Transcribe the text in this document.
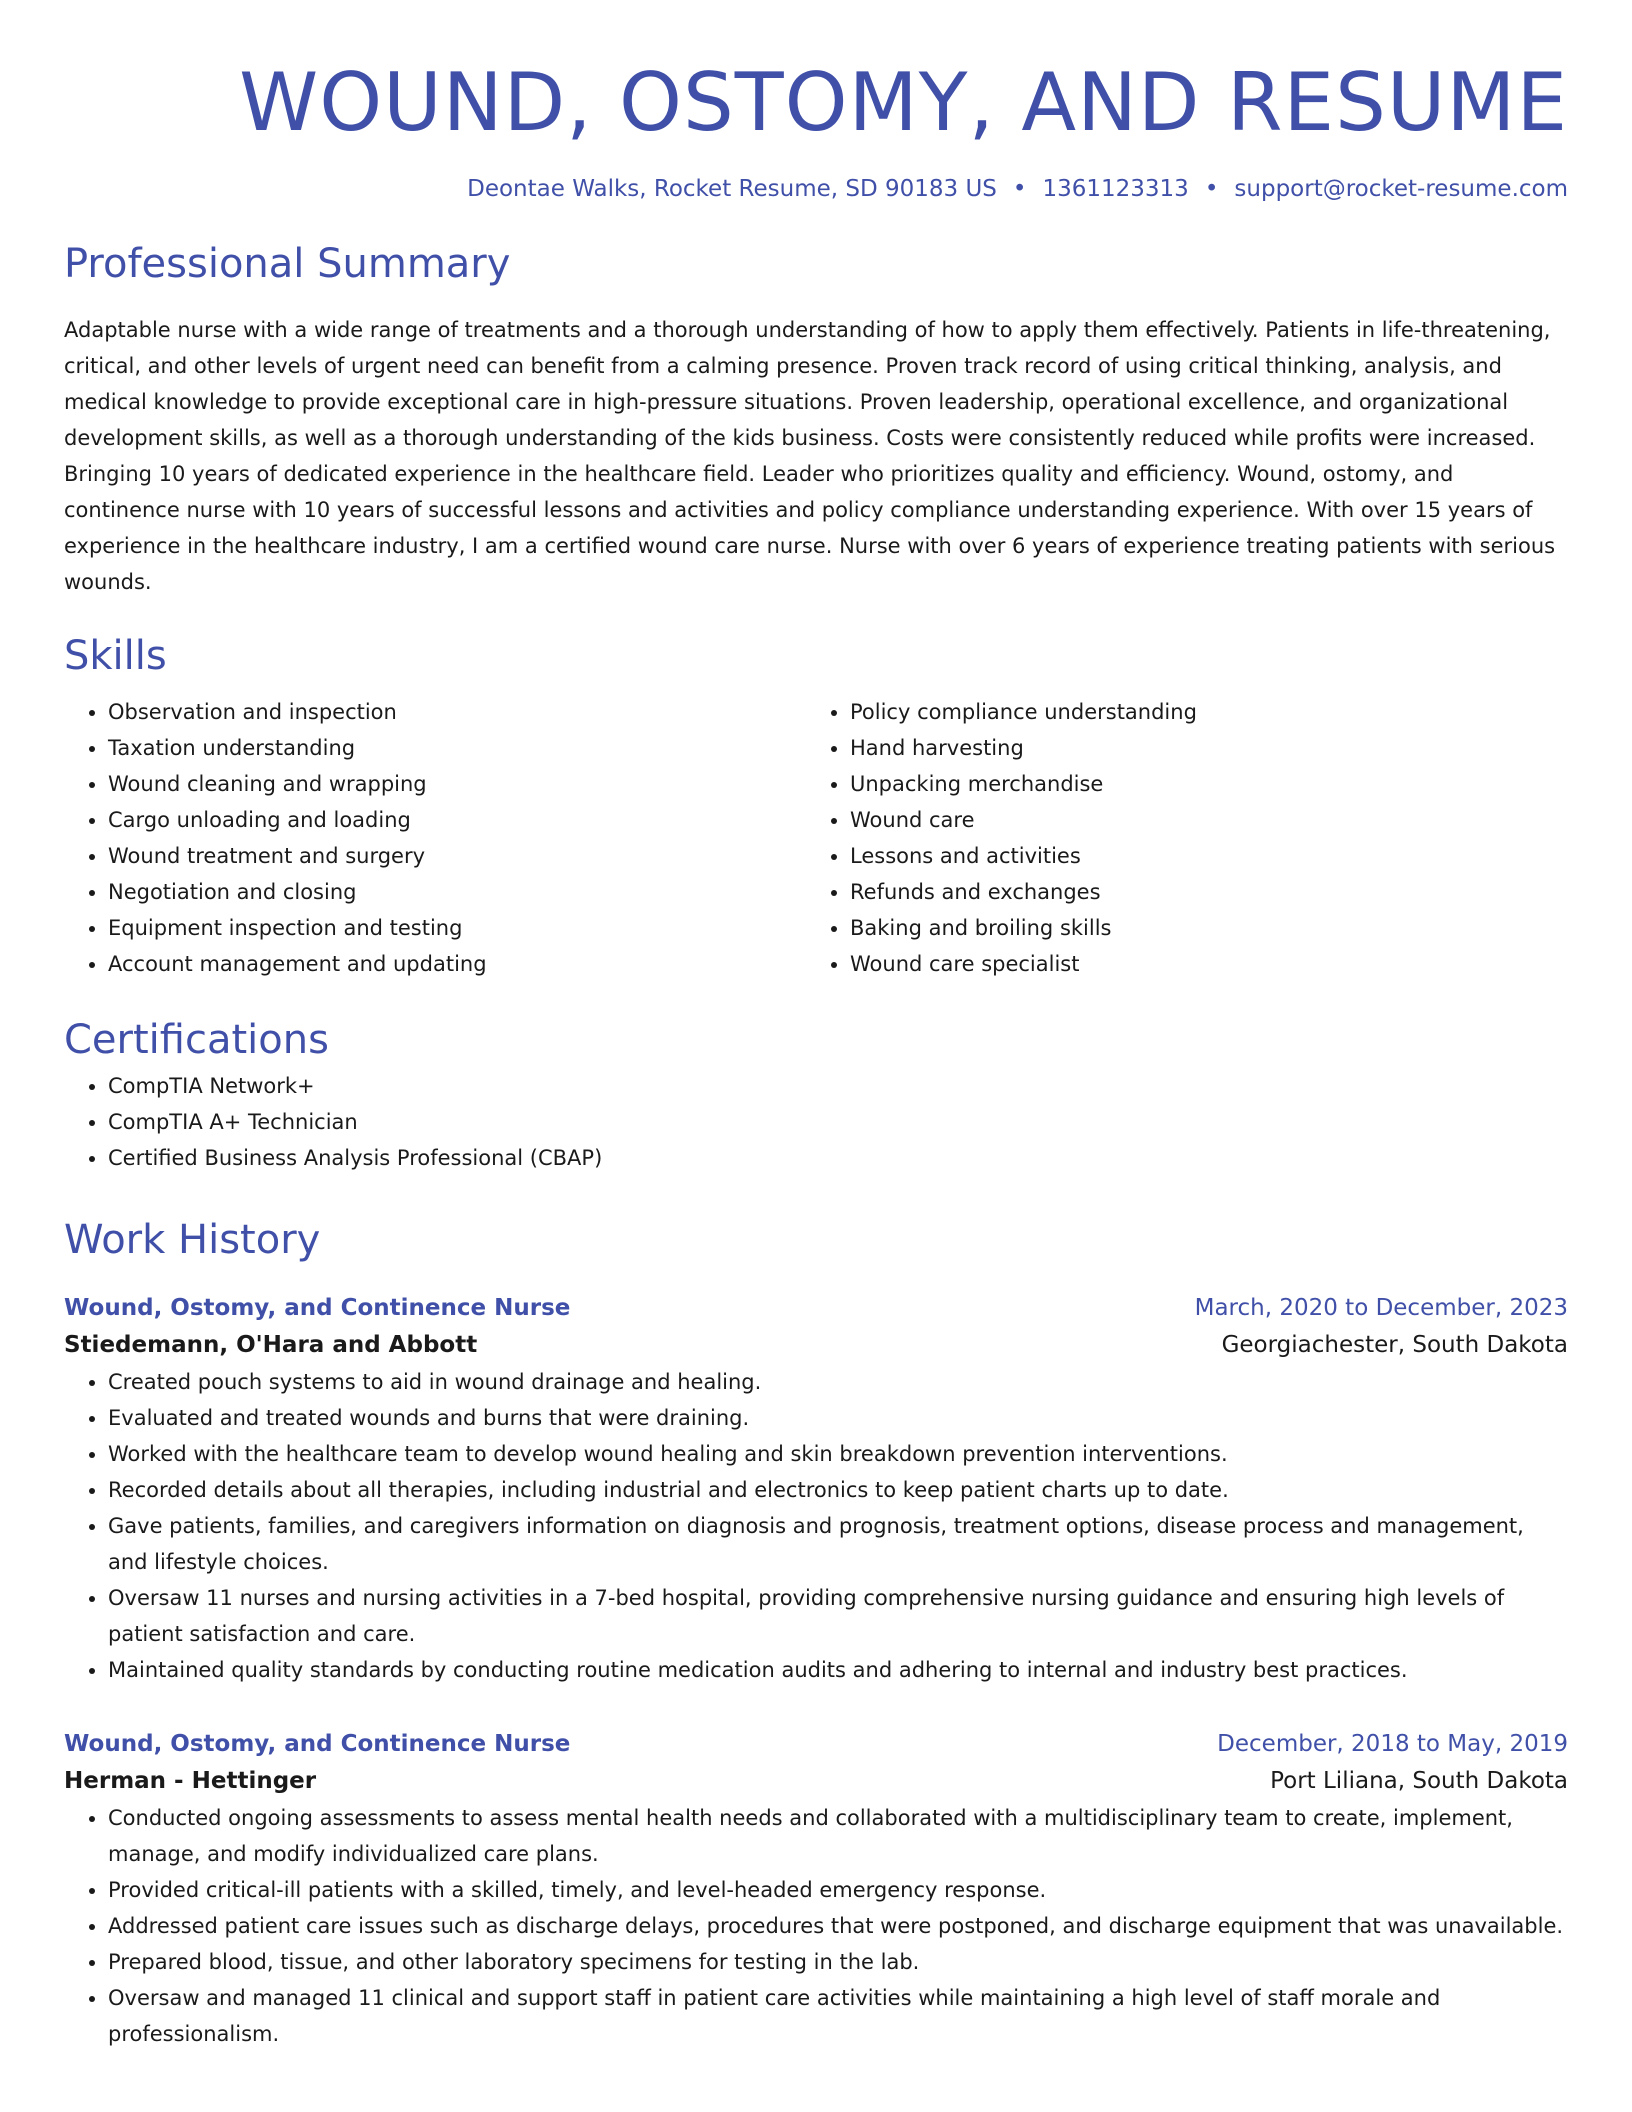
WOUND, OSTOMY, AND RESUME
Deontae Walks, Rocket Resume, SD 90183 US • 1361123313 • support@rocket-resume.com
Professional Summary

Adaptable nurse with a wide range of treatments and a thorough understanding of how to apply them effectively. Patients in life-threatening, critical, and other levels of urgent need can benefit from a calming presence. Proven track record of using critical thinking, analysis, and medical knowledge to provide exceptional care in high-pressure situations. Proven leadership, operational excellence, and organizational development skills, as well as a thorough understanding of the kids business. Costs were consistently reduced while profits were increased. Bringing 10 years of dedicated experience in the healthcare field. Leader who prioritizes quality and efficiency. Wound, ostomy, and continence nurse with 10 years of successful lessons and activities and policy compliance understanding experience. With over 15 years of experience in the healthcare industry, I am a certified wound care nurse. Nurse with over 6 years of experience treating patients with serious wounds.

Skills
• Observation and inspection
• Taxation understanding
• Wound cleaning and wrapping
• Cargo unloading and loading
• Wound treatment and surgery
• Negotiation and closing
• Equipment inspection and testing
• Account management and updating
• Policy compliance understanding
• Hand harvesting
• Unpacking merchandise
• Wound care
• Lessons and activities
• Refunds and exchanges
• Baking and broiling skills
• Wound care specialist
Certifications
• CompTIA Network+
• CompTIA A+ Technician
• Certified Business Analysis Professional (CBAP)
Work History
Wound, Ostomy, and Continence Nurse	March, 2020 to December, 2023
Stiedemann, O'Hara and Abbott	Georgiachester, South Dakota
• Created pouch systems to aid in wound drainage and healing.
• Evaluated and treated wounds and burns that were draining.
• Worked with the healthcare team to develop wound healing and skin breakdown prevention interventions.
• Recorded details about all therapies, including industrial and electronics to keep patient charts up to date.
• Gave patients, families, and caregivers information on diagnosis and prognosis, treatment options, disease process and management, and lifestyle choices.
• Oversaw 11 nurses and nursing activities in a 7-bed hospital, providing comprehensive nursing guidance and ensuring high levels of patient satisfaction and care.
• Maintained quality standards by conducting routine medication audits and adhering to internal and industry best practices.
Wound, Ostomy, and Continence Nurse	December, 2018 to May, 2019
Herman - Hettinger	Port Liliana, South Dakota
• Conducted ongoing assessments to assess mental health needs and collaborated with a multidisciplinary team to create, implement, manage, and modify individualized care plans.
• Provided critical-ill patients with a skilled, timely, and level-headed emergency response.
• Addressed patient care issues such as discharge delays, procedures that were postponed, and discharge equipment that was unavailable.
• Prepared blood, tissue, and other laboratory specimens for testing in the lab.
• Oversaw and managed 11 clinical and support staff in patient care activities while maintaining a high level of staff morale and professionalism.
